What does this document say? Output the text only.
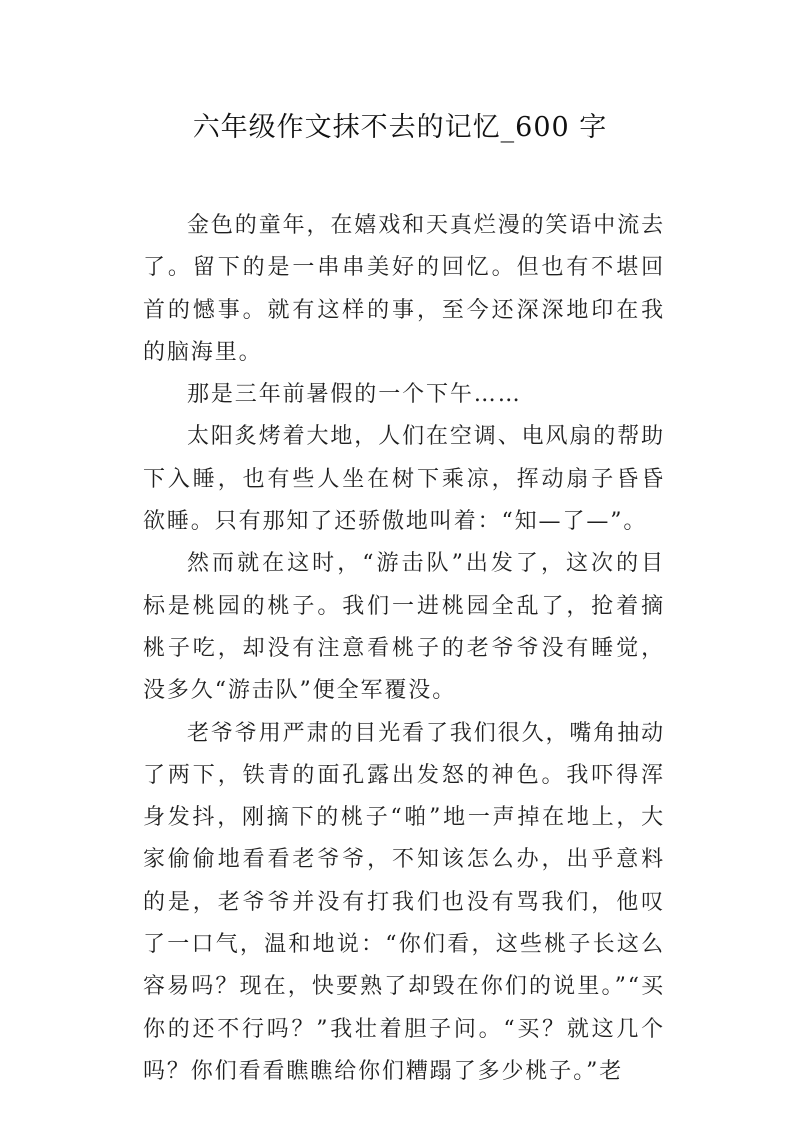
六年级作文抹不去的记忆_600 字

金色的童年，在嬉戏和天真烂漫的笑语中流去了。留下的是一串串美好的回忆。但也有不堪回首的憾事。就有这样的事，至今还深深地印在我的脑海里。

那是三年前暑假的一个下午……

太阳炙烤着大地，人们在空调、电风扇的帮助下入睡，也有些人坐在树下乘凉，挥动扇子昏昏欲睡。只有那知了还骄傲地叫着：“知—了—”。

然而就在这时，“游击队”出发了，这次的目标是桃园的桃子。我们一进桃园全乱了，抢着摘桃子吃，却没有注意看桃子的老爷爷没有睡觉，没多久“游击队”便全军覆没。

老爷爷用严肃的目光看了我们很久，嘴角抽动了两下，铁青的面孔露出发怒的神色。我吓得浑身发抖，刚摘下的桃子“啪”地一声掉在地上，大家偷偷地看看老爷爷，不知该怎么办，出乎意料的是，老爷爷并没有打我们也没有骂我们，他叹了一口气，温和地说：“你们看，这些桃子长这么容易吗？现在，快要熟了却毁在你们的说里。”“买你的还不行吗？”我壮着胆子问。“买？就这几个吗？你们看看瞧瞧给你们糟蹋了多少桃子。”老
